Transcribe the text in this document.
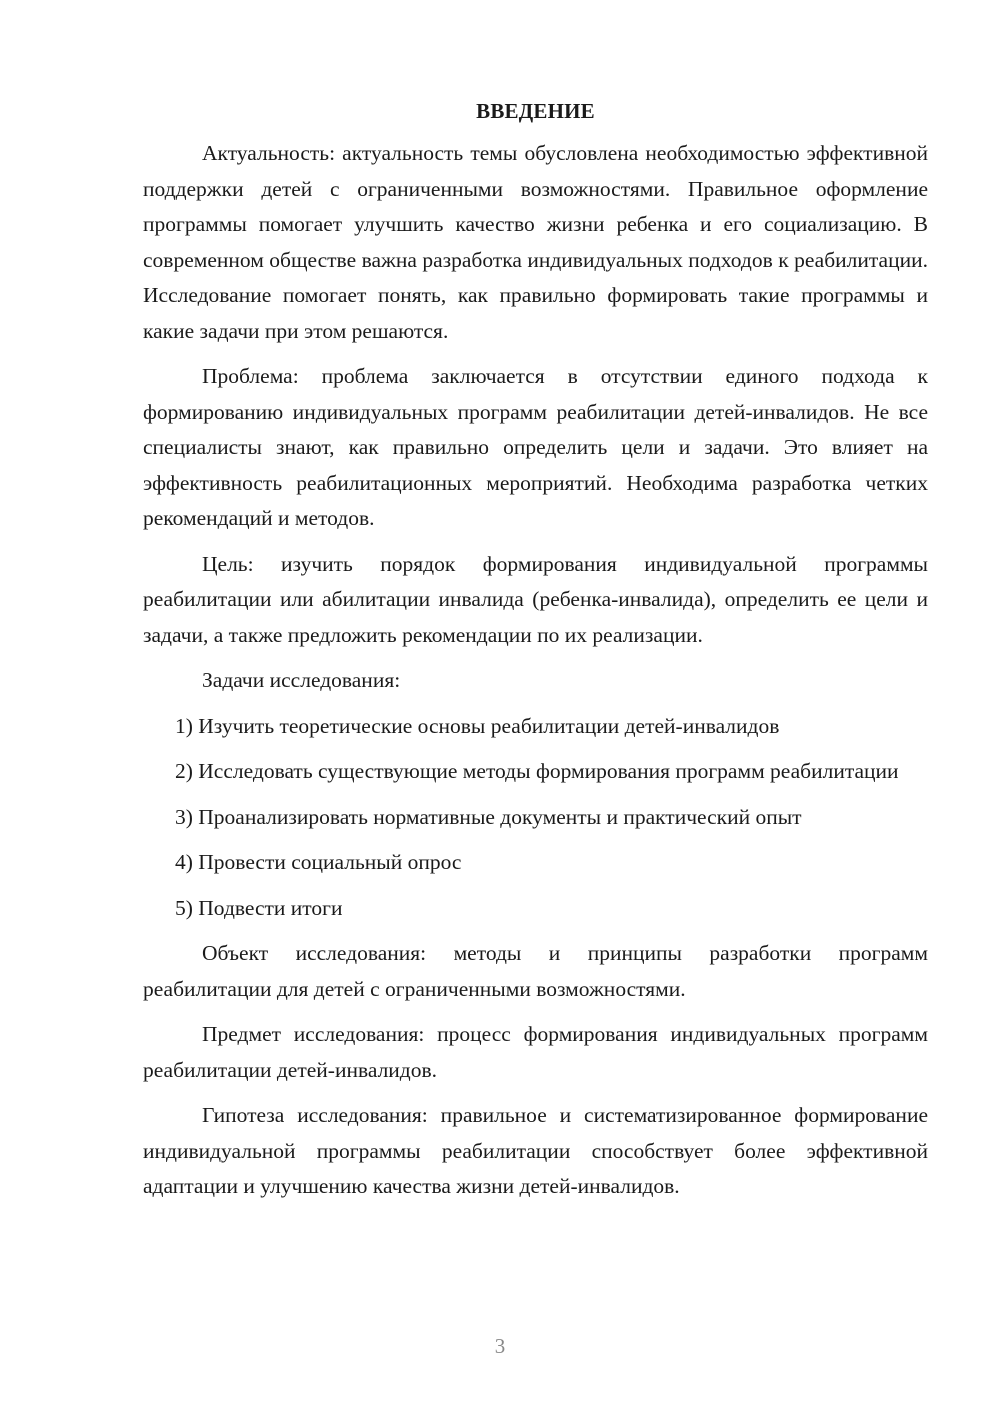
ВВЕДЕНИЕ

Актуальность: актуальность темы обусловлена необходимостью эффективной поддержки детей с ограниченными возможностями. Правильное оформление программы помогает улучшить качество жизни ребенка и его социализацию. В современном обществе важна разработка индивидуальных подходов к реабилитации. Исследование помогает понять, как правильно формировать такие программы и какие задачи при этом решаются.

Проблема: проблема заключается в отсутствии единого подхода к формированию индивидуальных программ реабилитации детей-инвалидов. Не все специалисты знают, как правильно определить цели и задачи. Это влияет на эффективность реабилитационных мероприятий. Необходима разработка четких рекомендаций и методов.

Цель: изучить порядок формирования индивидуальной программы реабилитации или абилитации инвалида (ребенка-инвалида), определить ее цели и задачи, а также предложить рекомендации по их реализации.

Задачи исследования:

1) Изучить теоретические основы реабилитации детей-инвалидов

2) Исследовать существующие методы формирования программ реабилитации

3) Проанализировать нормативные документы и практический опыт

4) Провести социальный опрос

5) Подвести итоги

Объект исследования: методы и принципы разработки программ реабилитации для детей с ограниченными возможностями.

Предмет исследования: процесс формирования индивидуальных программ реабилитации детей-инвалидов.

Гипотеза исследования: правильное и систематизированное формирование индивидуальной программы реабилитации способствует более эффективной адаптации и улучшению качества жизни детей-инвалидов.

3
